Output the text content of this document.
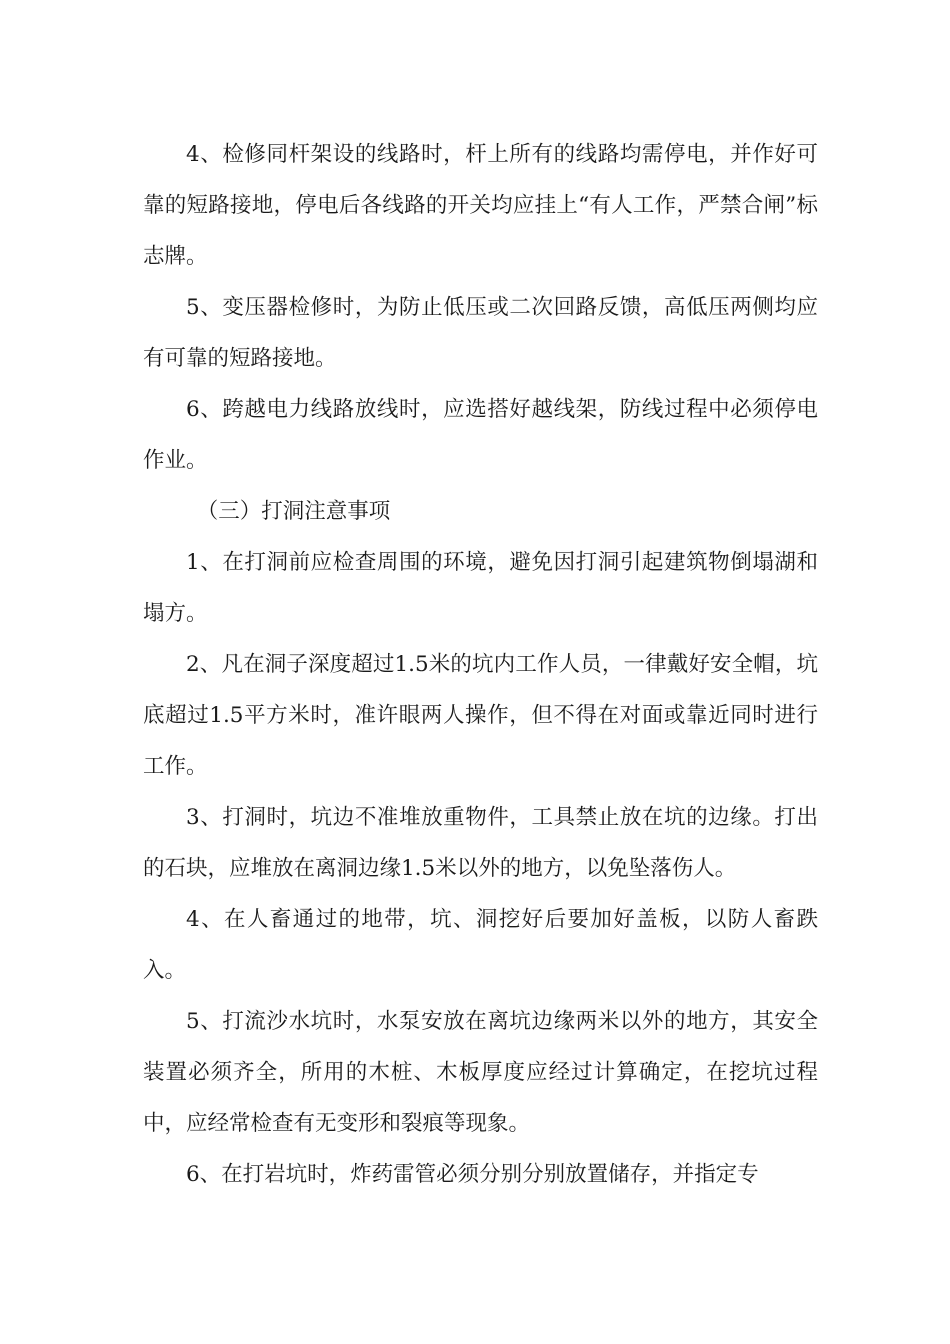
4、检修同杆架设的线路时，杆上所有的线路均需停电，并作好可靠的短路接地，停电后各线路的开关均应挂上“有人工作，严禁合闸”标志牌。

5、变压器检修时，为防止低压或二次回路反馈，高低压两侧均应有可靠的短路接地。

6、跨越电力线路放线时，应选搭好越线架，防线过程中必须停电作业。

（三）打洞注意事项

1、在打洞前应检查周围的环境，避免因打洞引起建筑物倒塌湖和塌方。

2、凡在洞子深度超过1.5米的坑内工作人员，一律戴好安全帽，坑底超过1.5平方米时，准许眼两人操作，但不得在对面或靠近同时进行工作。

3、打洞时，坑边不准堆放重物件，工具禁止放在坑的边缘。打出的石块，应堆放在离洞边缘1.5米以外的地方，以免坠落伤人。

4、在人畜通过的地带，坑、洞挖好后要加好盖板，以防人畜跌入。

5、打流沙水坑时，水泵安放在离坑边缘两米以外的地方，其安全装置必须齐全，所用的木桩、木板厚度应经过计算确定，在挖坑过程中，应经常检查有无变形和裂痕等现象。

6、在打岩坑时，炸药雷管必须分别分别放置储存，并指定专
